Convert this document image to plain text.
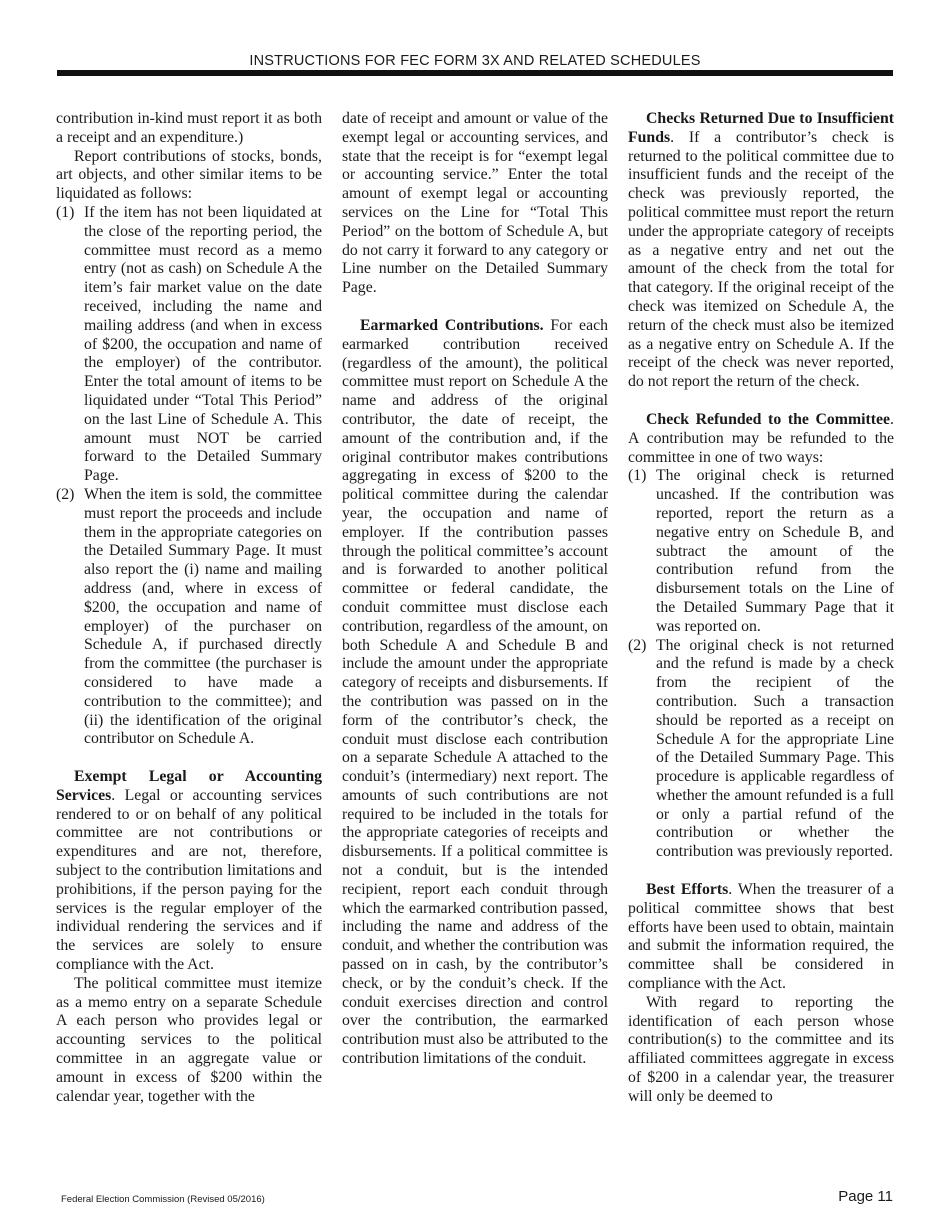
INSTRUCTIONS FOR FEC FORM 3X AND RELATED SCHEDULES

contribution in-kind must report it as both a receipt and an expenditure.)

Report contributions of stocks, bonds, art objects, and other similar items to be liquidated as follows:

(1) If the item has not been liquidated at the close of the reporting period, the committee must record as a memo entry (not as cash) on Schedule A the item’s fair market value on the date received, including the name and mailing address (and when in excess of $200, the occupation and name of the employer) of the contributor. Enter the total amount of items to be liquidated under “Total This Period” on the last Line of Schedule A. This amount must NOT be carried forward to the Detailed Summary Page.
(2) When the item is sold, the committee must report the proceeds and include them in the appropriate categories on the Detailed Summary Page. It must also report the (i) name and mailing address (and, where in excess of $200, the occupation and name of employer) of the purchaser on Schedule A, if purchased directly from the committee (the purchaser is considered to have made a contribution to the committee); and (ii) the identification of the original contributor on Schedule A.

Exempt Legal or Accounting Services. Legal or accounting services rendered to or on behalf of any political committee are not contributions or expenditures and are not, therefore, subject to the contribution limitations and prohibitions, if the person paying for the services is the regular employer of the individual rendering the services and if the services are solely to ensure compliance with the Act.

The political committee must itemize as a memo entry on a separate Schedule A each person who provides legal or accounting services to the political committee in an aggregate value or amount in excess of $200 within the calendar year, together with the

date of receipt and amount or value of the exempt legal or accounting services, and state that the receipt is for “exempt legal or accounting service.” Enter the total amount of exempt legal or accounting services on the Line for “Total This Period” on the bottom of Schedule A, but do not carry it forward to any category or Line number on the Detailed Summary Page.

Earmarked Contributions. For each earmarked contribution received (regardless of the amount), the political committee must report on Schedule A the name and address of the original contributor, the date of receipt, the amount of the contribution and, if the original contributor makes contributions aggregating in excess of $200 to the political committee during the calendar year, the occupation and name of employer. If the contribution passes through the political committee’s account and is forwarded to another political committee or federal candidate, the conduit committee must disclose each contribution, regardless of the amount, on both Schedule A and Schedule B and include the amount under the appropriate category of receipts and disbursements. If the contribution was passed on in the form of the contributor’s check, the conduit must disclose each contribution on a separate Schedule A attached to the conduit’s (intermediary) next report. The amounts of such contributions are not required to be included in the totals for the appropriate categories of receipts and disbursements. If a political committee is not a conduit, but is the intended recipient, report each conduit through which the earmarked contribution passed, including the name and address of the conduit, and whether the contribution was passed on in cash, by the contributor’s check, or by the conduit’s check. If the conduit exercises direction and control over the contribution, the earmarked contribution must also be attributed to the contribution limitations of the conduit.

Checks Returned Due to Insufficient Funds. If a contributor’s check is returned to the political committee due to insufficient funds and the receipt of the check was previously reported, the political committee must report the return under the appropriate category of receipts as a negative entry and net out the amount of the check from the total for that category. If the original receipt of the check was itemized on Schedule A, the return of the check must also be itemized as a negative entry on Schedule A. If the receipt of the check was never reported, do not report the return of the check.

Check Refunded to the Committee. A contribution may be refunded to the committee in one of two ways:

(1) The original check is returned uncashed. If the contribution was reported, report the return as a negative entry on Schedule B, and subtract the amount of the contribution refund from the disbursement totals on the Line of the Detailed Summary Page that it was reported on.
(2) The original check is not returned and the refund is made by a check from the recipient of the contribution. Such a transaction should be reported as a receipt on Schedule A for the appropriate Line of the Detailed Summary Page. This procedure is applicable regardless of whether the amount refunded is a full or only a partial refund of the contribution or whether the contribution was previously reported.

Best Efforts. When the treasurer of a political committee shows that best efforts have been used to obtain, maintain and submit the information required, the committee shall be considered in compliance with the Act.

With regard to reporting the identification of each person whose contribution(s) to the committee and its affiliated committees aggregate in excess of $200 in a calendar year, the treasurer will only be deemed to

Federal Election Commission (Revised 05/2016)	Page 11
